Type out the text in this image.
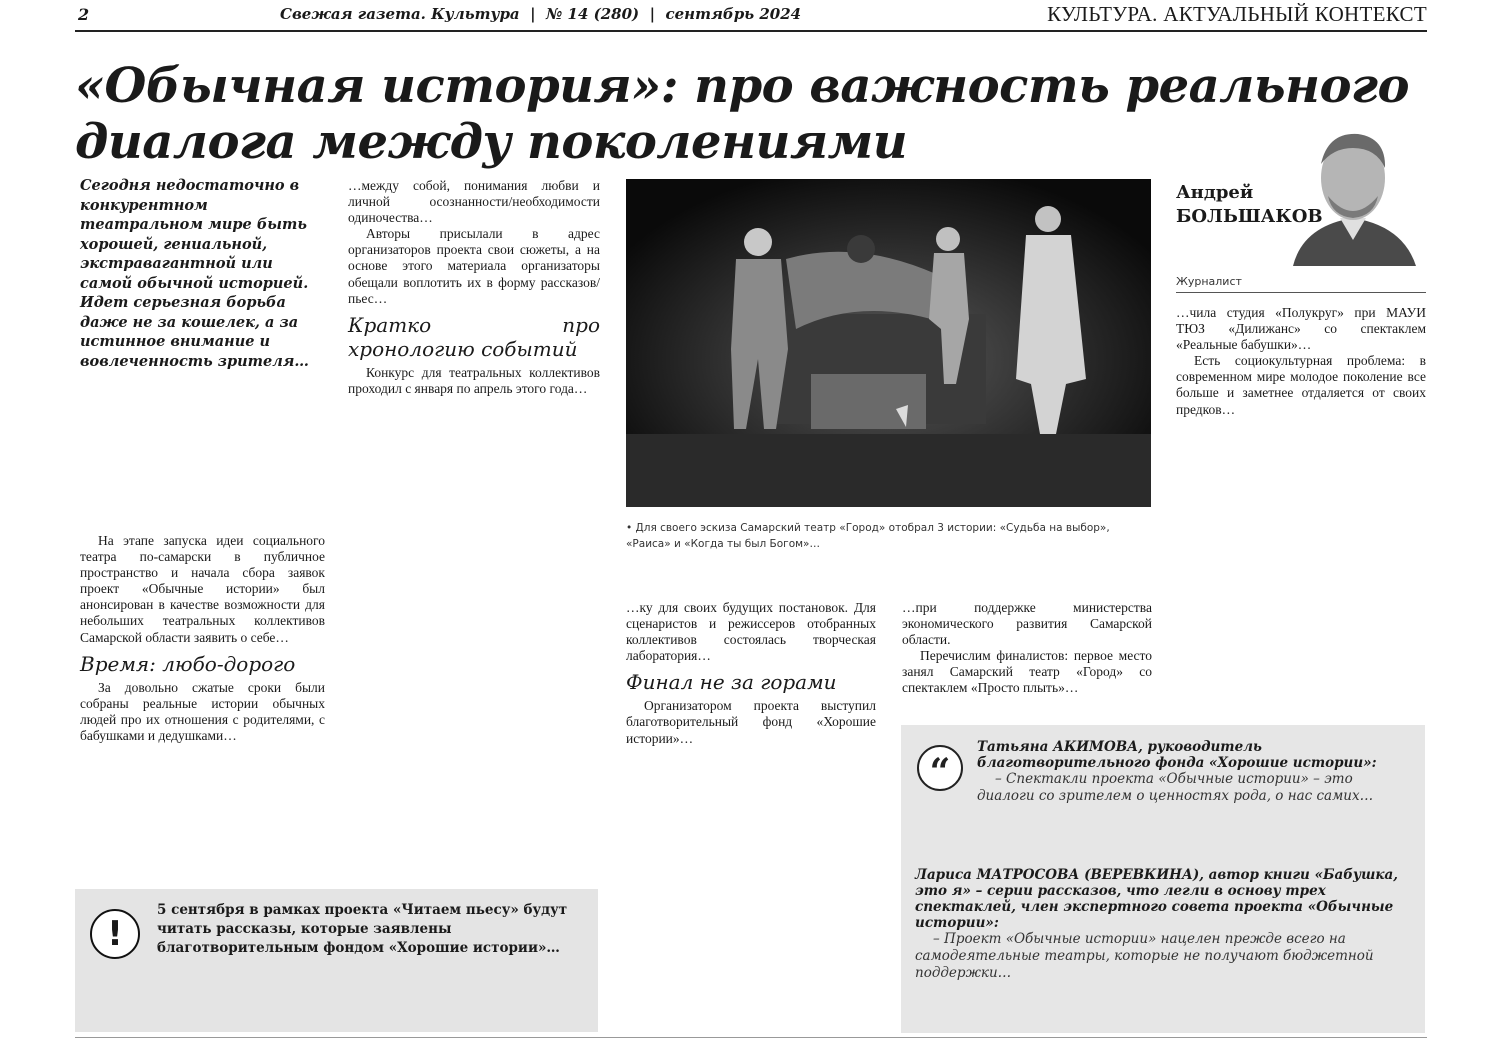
2	Свежая газета. Культура  |  № 14 (280)  |  сентябрь 2024	КУЛЬТУРА. АКТУАЛЬНЫЙ КОНТЕКСТ
«Обычная история»: про важность реального диалога между поколениями
Сегодня недостаточно в конкурентном театральном мире быть хорошей, гениальной, экстравагантной или самой обычной историей. Идет серьезная борьба даже не за кошелек, а за истинное внимание и вовлеченность зрителя…

На этапе запуска идеи социального театра по-самарски в публичное пространство и начала сбора заявок проект «Обычные истории» был анонсирован в качестве возможности для небольших театральных коллективов Самарской области заявить о себе…

Время: любо-дорого

За довольно сжатые сроки были собраны реальные истории обычных людей про их отношения с родителями, с бабушками и дедушками…

…между собой, понимания любви и личной осознанности/необходимости одиночества…

Авторы присылали в адрес организаторов проекта свои сюжеты, а на основе этого материала организаторы обещали воплотить их в форму рассказов/пьес…

Кратко про хронологию событий

Конкурс для театральных коллективов проходил с января по апрель этого года…

• Для своего эскиза Самарский театр «Город» отобрал 3 истории: «Судьба на выбор», «Раиса» и «Когда ты был Богом»…

…ку для своих будущих постановок. Для сценаристов и режиссеров отобранных коллективов состоялась творческая лаборатория…

Финал не за горами

Организатором проекта выступил благотворительный фонд «Хорошие истории»…

…при поддержке министерства экономического развития Самарской области.

Перечислим финалистов: первое место занял Самарский театр «Город» со спектаклем «Просто плыть»…

Андрей
БОЛЬШАКОВ
Журналист

…чила студия «Полукруг» при МАУИ ТЮЗ «Дилижанс» со спектаклем «Реальные бабушки»…

Есть социокультурная проблема: в современном мире молодое поколение все больше и заметнее отдаляется от своих предков…

“
Татьяна АКИМОВА, руководитель благотворительного фонда «Хорошие истории»:
– Спектакли проекта «Обычные истории» – это диалоги со зрителем о ценностях рода, о нас самих…
Лариса МАТРОСОВА (ВЕРЕВКИНА), автор книги «Бабушка, это я» – серии рассказов, что легли в основу трех спектаклей, член экспертного совета проекта «Обычные истории»:
– Проект «Обычные истории» нацелен прежде всего на самодеятельные театры, которые не получают бюджетной поддержки…
!
5 сентября в рамках проекта «Читаем пьесу» будут читать рассказы, которые заявлены благотворительным фондом «Хорошие истории»…
